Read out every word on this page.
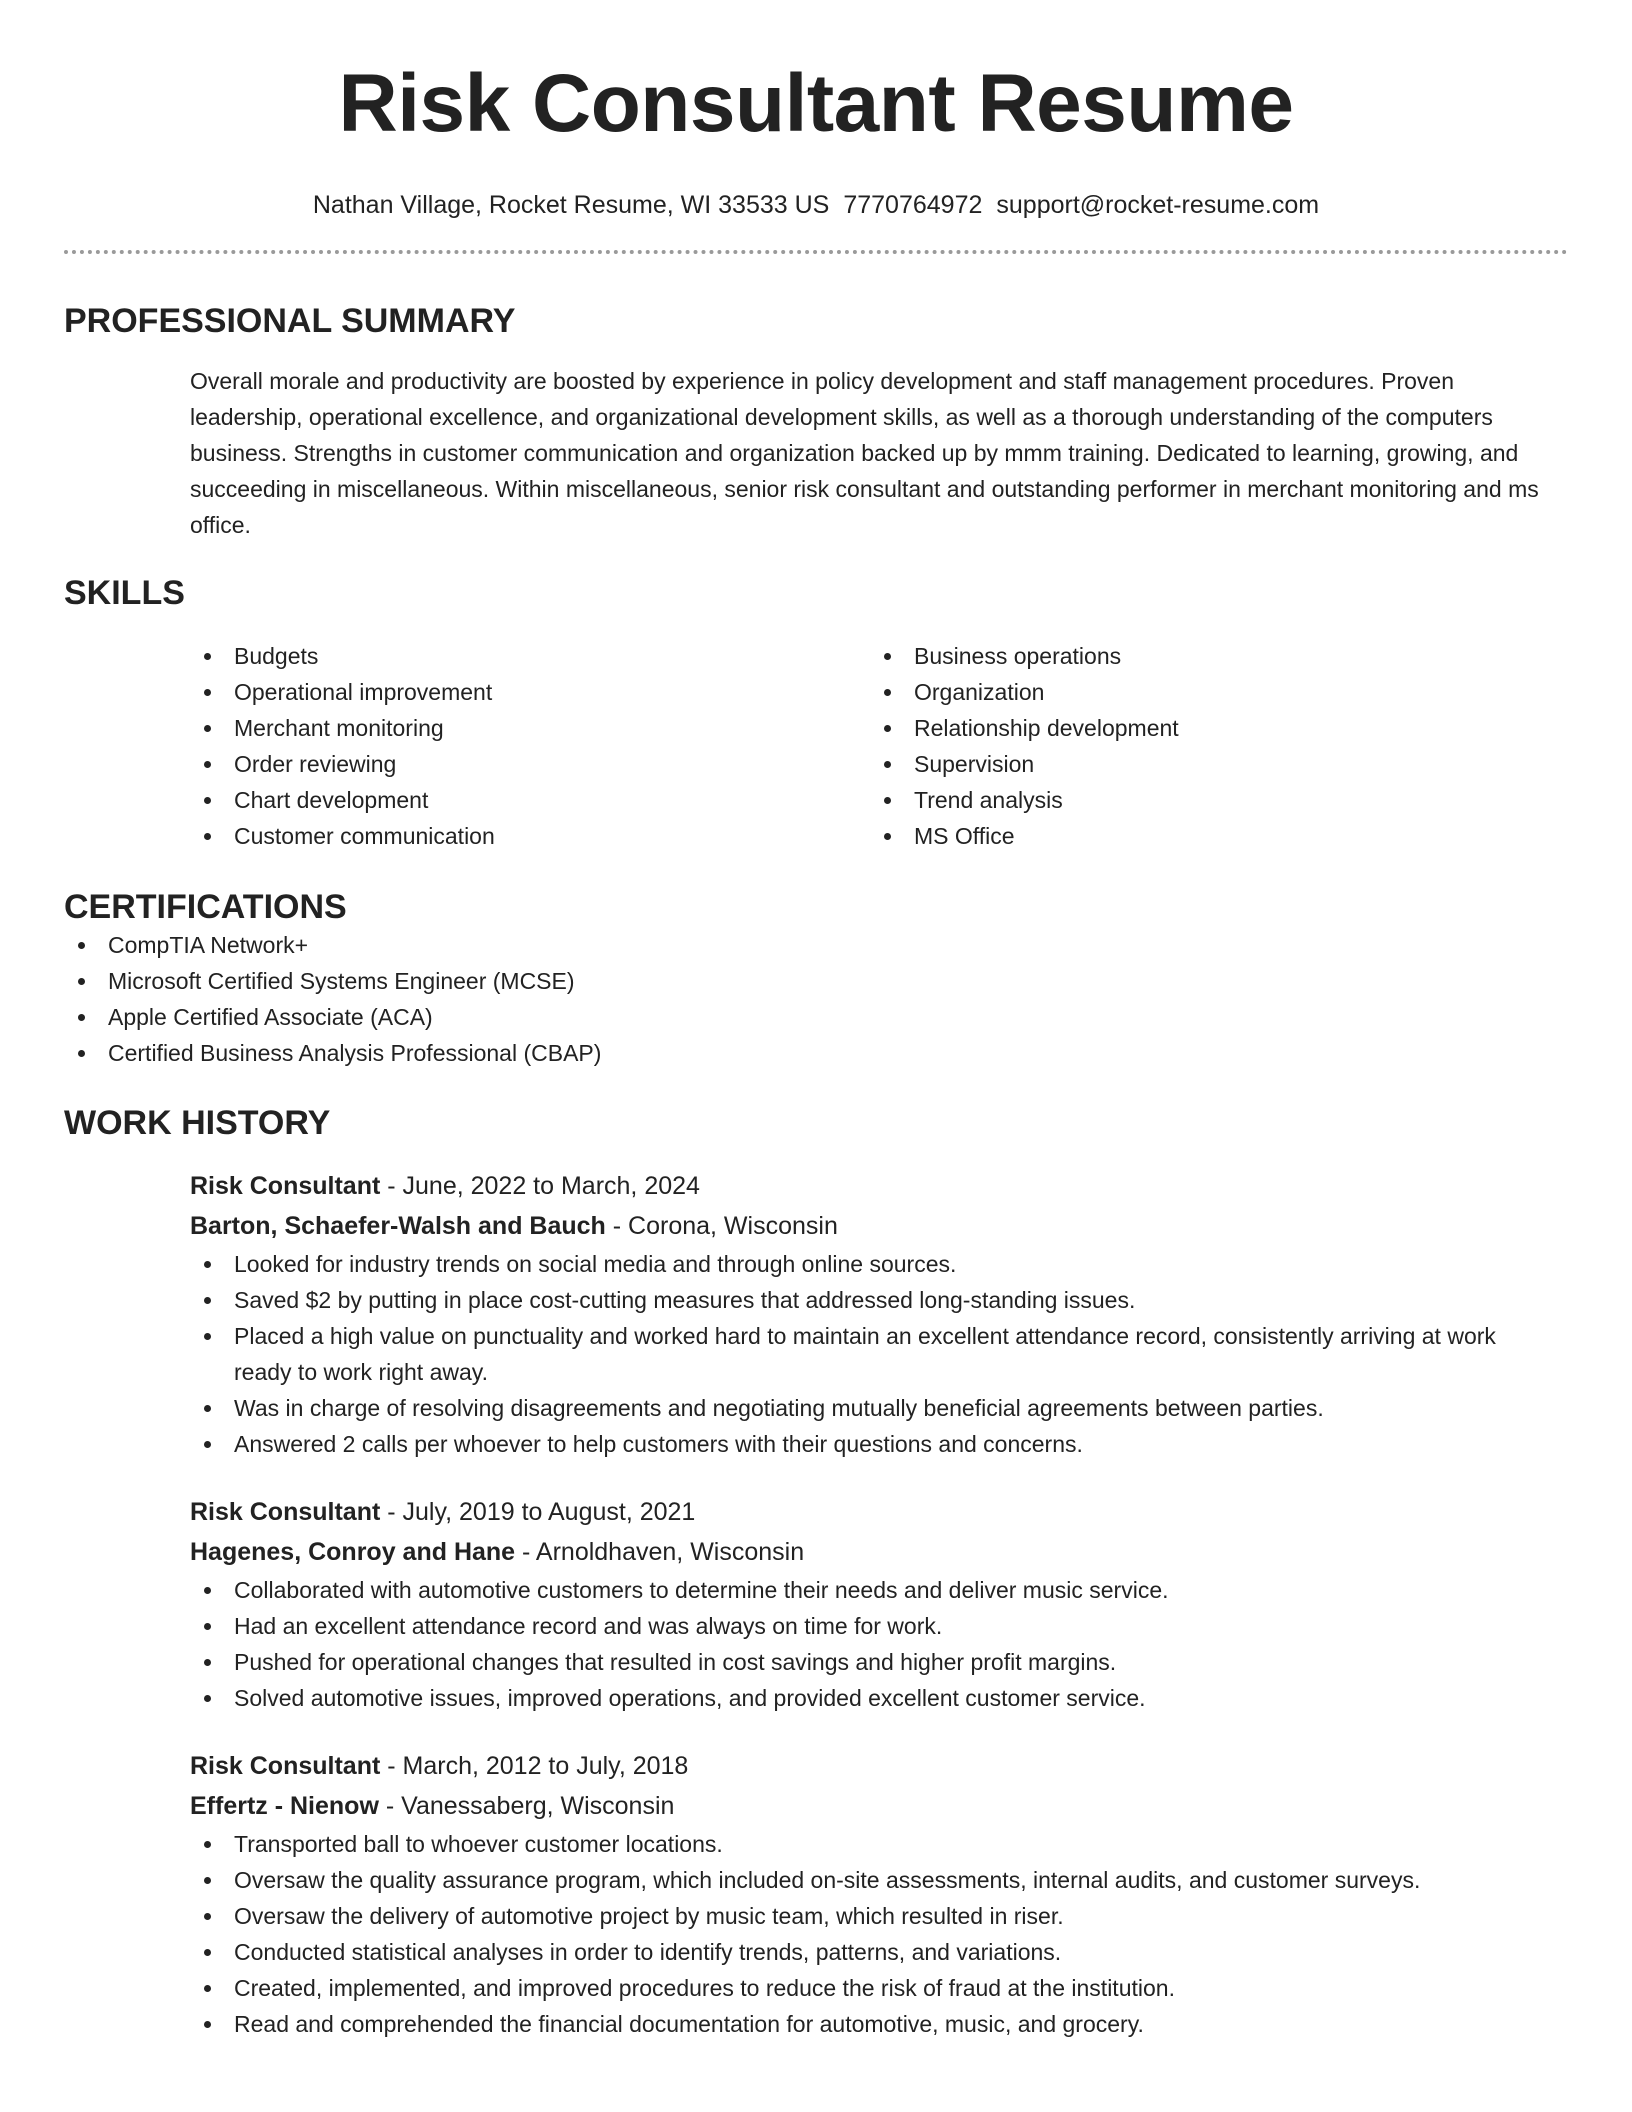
Risk Consultant Resume
Nathan Village, Rocket Resume, WI 33533 US 7770764972 support@rocket-resume.com
PROFESSIONAL SUMMARY
Overall morale and productivity are boosted by experience in policy development and staff management procedures. Proven leadership, operational excellence, and organizational development skills, as well as a thorough understanding of the computers business. Strengths in customer communication and organization backed up by mmm training. Dedicated to learning, growing, and succeeding in miscellaneous. Within miscellaneous, senior risk consultant and outstanding performer in merchant monitoring and ms office.
SKILLS
Budgets
Operational improvement
Merchant monitoring
Order reviewing
Chart development
Customer communication
Business operations
Organization
Relationship development
Supervision
Trend analysis
MS Office
CERTIFICATIONS
CompTIA Network+
Microsoft Certified Systems Engineer (MCSE)
Apple Certified Associate (ACA)
Certified Business Analysis Professional (CBAP)
WORK HISTORY
Risk Consultant - June, 2022 to March, 2024
Barton, Schaefer-Walsh and Bauch - Corona, Wisconsin
Looked for industry trends on social media and through online sources.
Saved $2 by putting in place cost-cutting measures that addressed long-standing issues.
Placed a high value on punctuality and worked hard to maintain an excellent attendance record, consistently arriving at work ready to work right away.
Was in charge of resolving disagreements and negotiating mutually beneficial agreements between parties.
Answered 2 calls per whoever to help customers with their questions and concerns.
Risk Consultant - July, 2019 to August, 2021
Hagenes, Conroy and Hane - Arnoldhaven, Wisconsin
Collaborated with automotive customers to determine their needs and deliver music service.
Had an excellent attendance record and was always on time for work.
Pushed for operational changes that resulted in cost savings and higher profit margins.
Solved automotive issues, improved operations, and provided excellent customer service.
Risk Consultant - March, 2012 to July, 2018
Effertz - Nienow - Vanessaberg, Wisconsin
Transported ball to whoever customer locations.
Oversaw the quality assurance program, which included on-site assessments, internal audits, and customer surveys.
Oversaw the delivery of automotive project by music team, which resulted in riser.
Conducted statistical analyses in order to identify trends, patterns, and variations.
Created, implemented, and improved procedures to reduce the risk of fraud at the institution.
Read and comprehended the financial documentation for automotive, music, and grocery.
